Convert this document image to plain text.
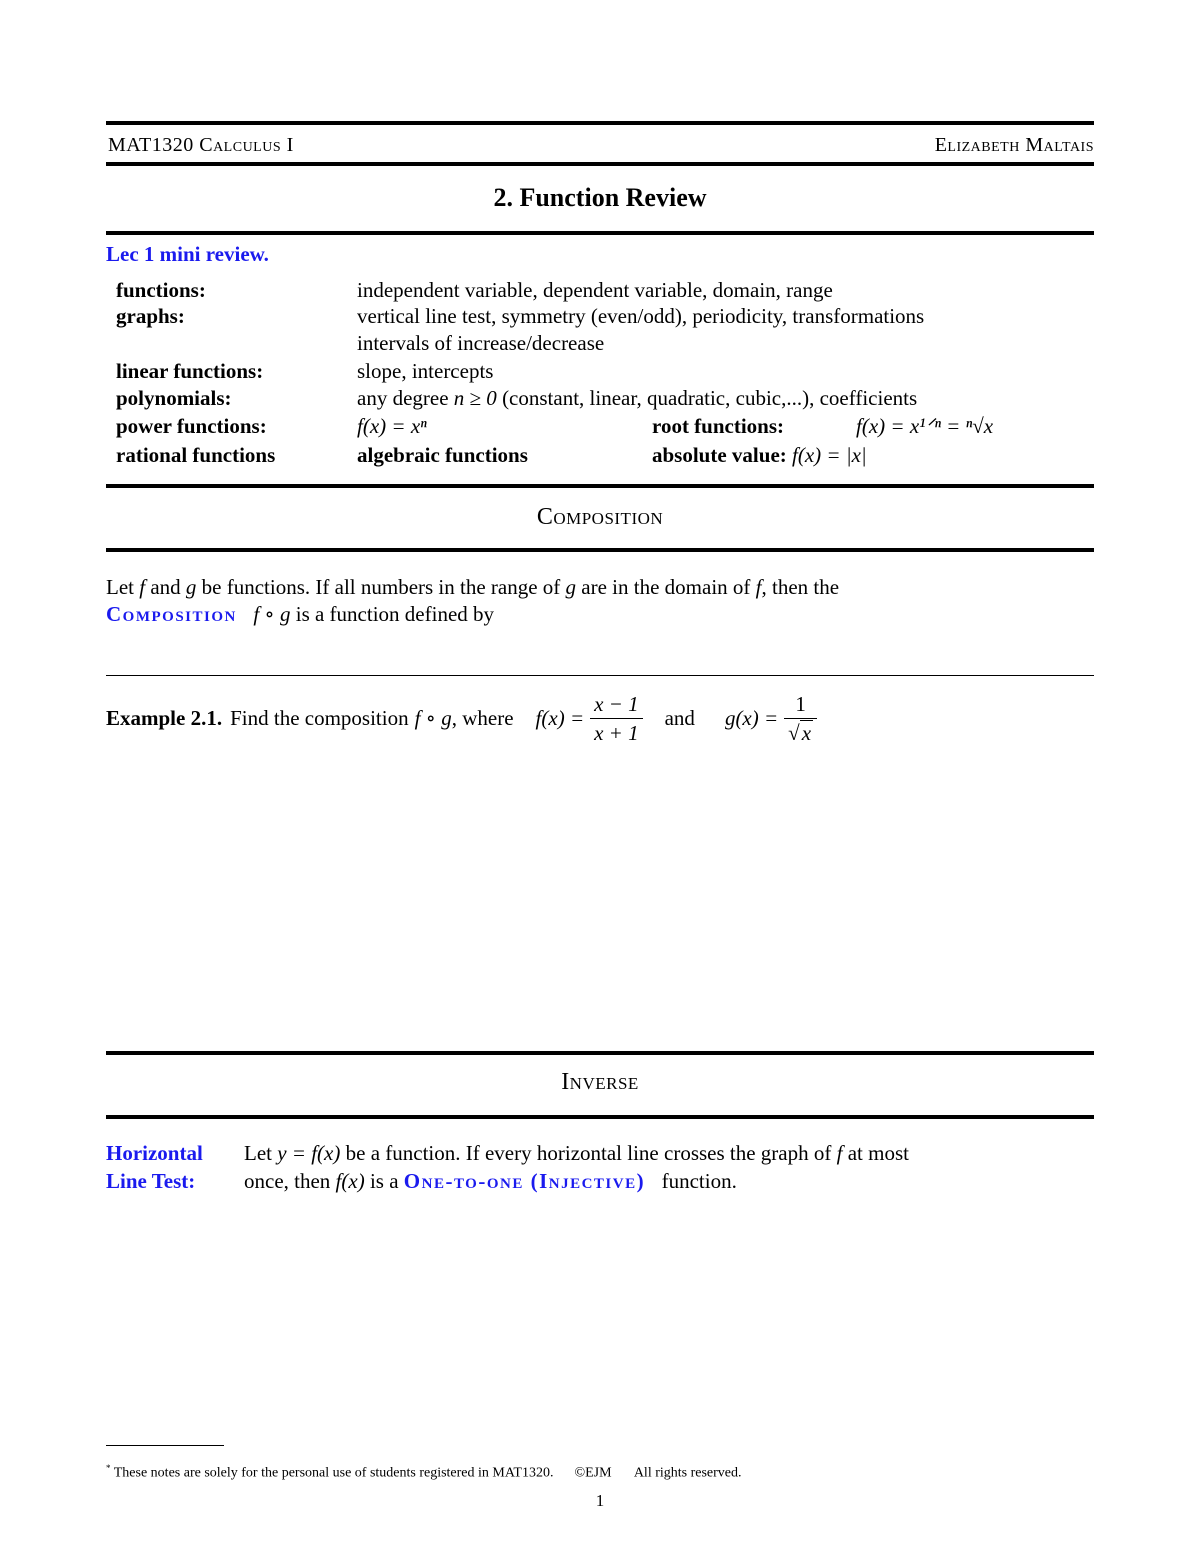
MAT1320 Calculus I	Elizabeth Maltais
2. Function Review
Lec 1 mini review.
functions:	independent variable, dependent variable, domain, range
graphs:	vertical line test, symmetry (even/odd), periodicity, transformations
intervals of increase/decrease
linear functions:	slope, intercepts
polynomials:	any degree n ≥ 0 (constant, linear, quadratic, cubic,...), coefficients
power functions:	f(x) = xⁿ	root functions:	f(x) = x¹ᐟⁿ = ⁿ√x
rational functions	algebraic functions	absolute value: f(x) = |x|
Composition
Let f and g be functions. If all numbers in the range of g are in the domain of f, then the
Composition f ∘ g is a function defined by
Example 2.1. Find the composition f ∘ g , where $f(x) = \frac{x - 1}{x + 1}$ and $g(x) = \frac{1}{√x}$
Inverse
Horizontal
Line Test:
Let y = f(x) be a function. If every horizontal line crosses the graph of f at most
once, then f(x) is a One-to-one (Injective) function.
* These notes are solely for the personal use of students registered in MAT1320. ©EJM All rights reserved.
1
